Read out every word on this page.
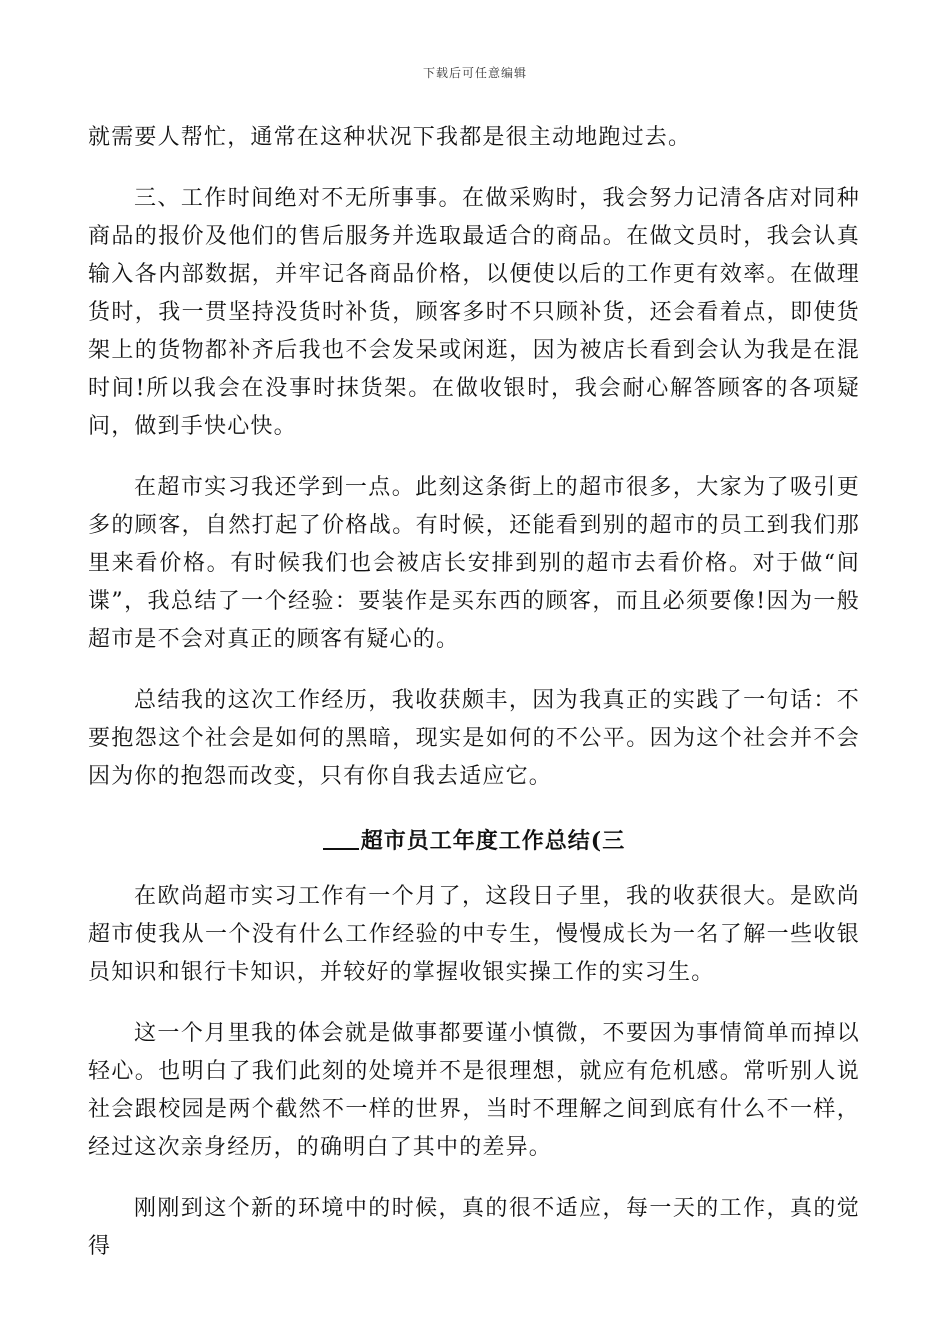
下载后可任意编辑

就需要人帮忙，通常在这种状况下我都是很主动地跑过去。

三、工作时间绝对不无所事事。在做采购时，我会努力记清各店对同种商品的报价及他们的售后服务并选取最适合的商品。在做文员时，我会认真输入各内部数据，并牢记各商品价格，以便使以后的工作更有效率。在做理货时，我一贯坚持没货时补货，顾客多时不只顾补货，还会看着点，即使货架上的货物都补齐后我也不会发呆或闲逛，因为被店长看到会认为我是在混时间!所以我会在没事时抹货架。在做收银时，我会耐心解答顾客的各项疑问，做到手快心快。

在超市实习我还学到一点。此刻这条街上的超市很多，大家为了吸引更多的顾客，自然打起了价格战。有时候，还能看到别的超市的员工到我们那里来看价格。有时候我们也会被店长安排到别的超市去看价格。对于做“间谍”，我总结了一个经验：要装作是买东西的顾客，而且必须要像!因为一般超市是不会对真正的顾客有疑心的。

总结我的这次工作经历，我收获颇丰，因为我真正的实践了一句话：不要抱怨这个社会是如何的黑暗，现实是如何的不公平。因为这个社会并不会因为你的抱怨而改变，只有你自我去适应它。

超市员工年度工作总结(三

在欧尚超市实习工作有一个月了，这段日子里，我的收获很大。是欧尚超市使我从一个没有什么工作经验的中专生，慢慢成长为一名了解一些收银员知识和银行卡知识，并较好的掌握收银实操工作的实习生。

这一个月里我的体会就是做事都要谨小慎微，不要因为事情简单而掉以轻心。也明白了我们此刻的处境并不是很理想，就应有危机感。常听别人说社会跟校园是两个截然不一样的世界，当时不理解之间到底有什么不一样，经过这次亲身经历，的确明白了其中的差异。

刚刚到这个新的环境中的时候，真的很不适应，每一天的工作，真的觉得
